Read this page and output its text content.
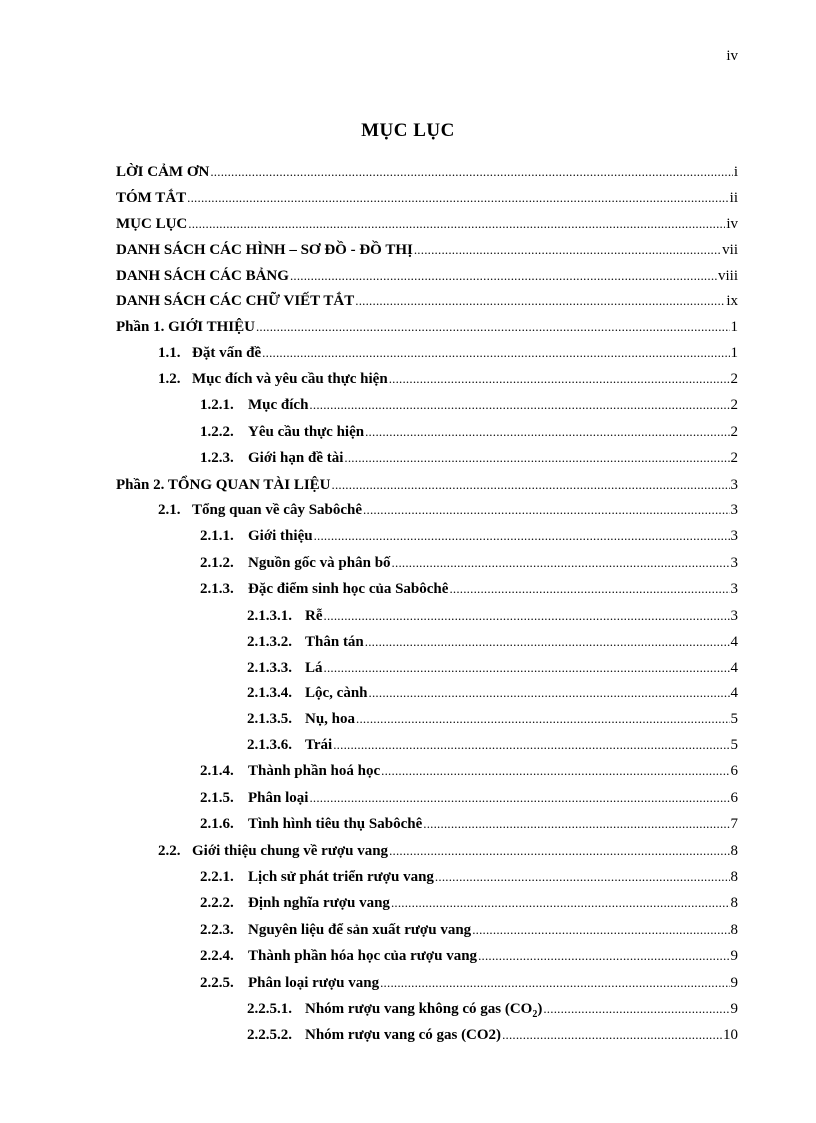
iv
MỤC LỤC
LỜI CẢM ƠN .....	i
TÓM TẮT .....	ii
MỤC LỤC .....	iv
DANH SÁCH CÁC HÌNH – SƠ ĐỒ - ĐỒ THỊ .....	vii
DANH SÁCH CÁC BẢNG .....	viii
DANH SÁCH CÁC CHỮ VIẾT TẮT .....	ix
Phần 1. GIỚI THIỆU .....	1
1.1. Đặt vấn đề .....	1
1.2. Mục đích và yêu cầu thực hiện .....	2
1.2.1. Mục đích .....	2
1.2.2. Yêu cầu thực hiện .....	2
1.2.3. Giới hạn đề tài .....	2
Phần 2. TỔNG QUAN TÀI LIỆU .....	3
2.1. Tổng quan về cây Sabôchê .....	3
2.1.1. Giới thiệu .....	3
2.1.2. Nguồn gốc và phân bố .....	3
2.1.3. Đặc điểm sinh học của Sabôchê .....	3
2.1.3.1. Rễ .....	3
2.1.3.2. Thân tán .....	4
2.1.3.3. Lá .....	4
2.1.3.4. Lộc, cành .....	4
2.1.3.5. Nụ, hoa .....	5
2.1.3.6. Trái .....	5
2.1.4. Thành phần hoá học .....	6
2.1.5. Phân loại .....	6
2.1.6. Tình hình tiêu thụ Sabôchê .....	7
2.2. Giới thiệu chung về rượu vang .....	8
2.2.1. Lịch sử phát triển rượu vang .....	8
2.2.2. Định nghĩa rượu vang .....	8
2.2.3. Nguyên liệu để sản xuất rượu vang .....	8
2.2.4. Thành phần hóa học của rượu vang .....	9
2.2.5. Phân loại rượu vang .....	9
2.2.5.1. Nhóm rượu vang không có gas $(CO_2)$ .....	9
2.2.5.2. Nhóm rượu vang có gas (CO2) .....	10
